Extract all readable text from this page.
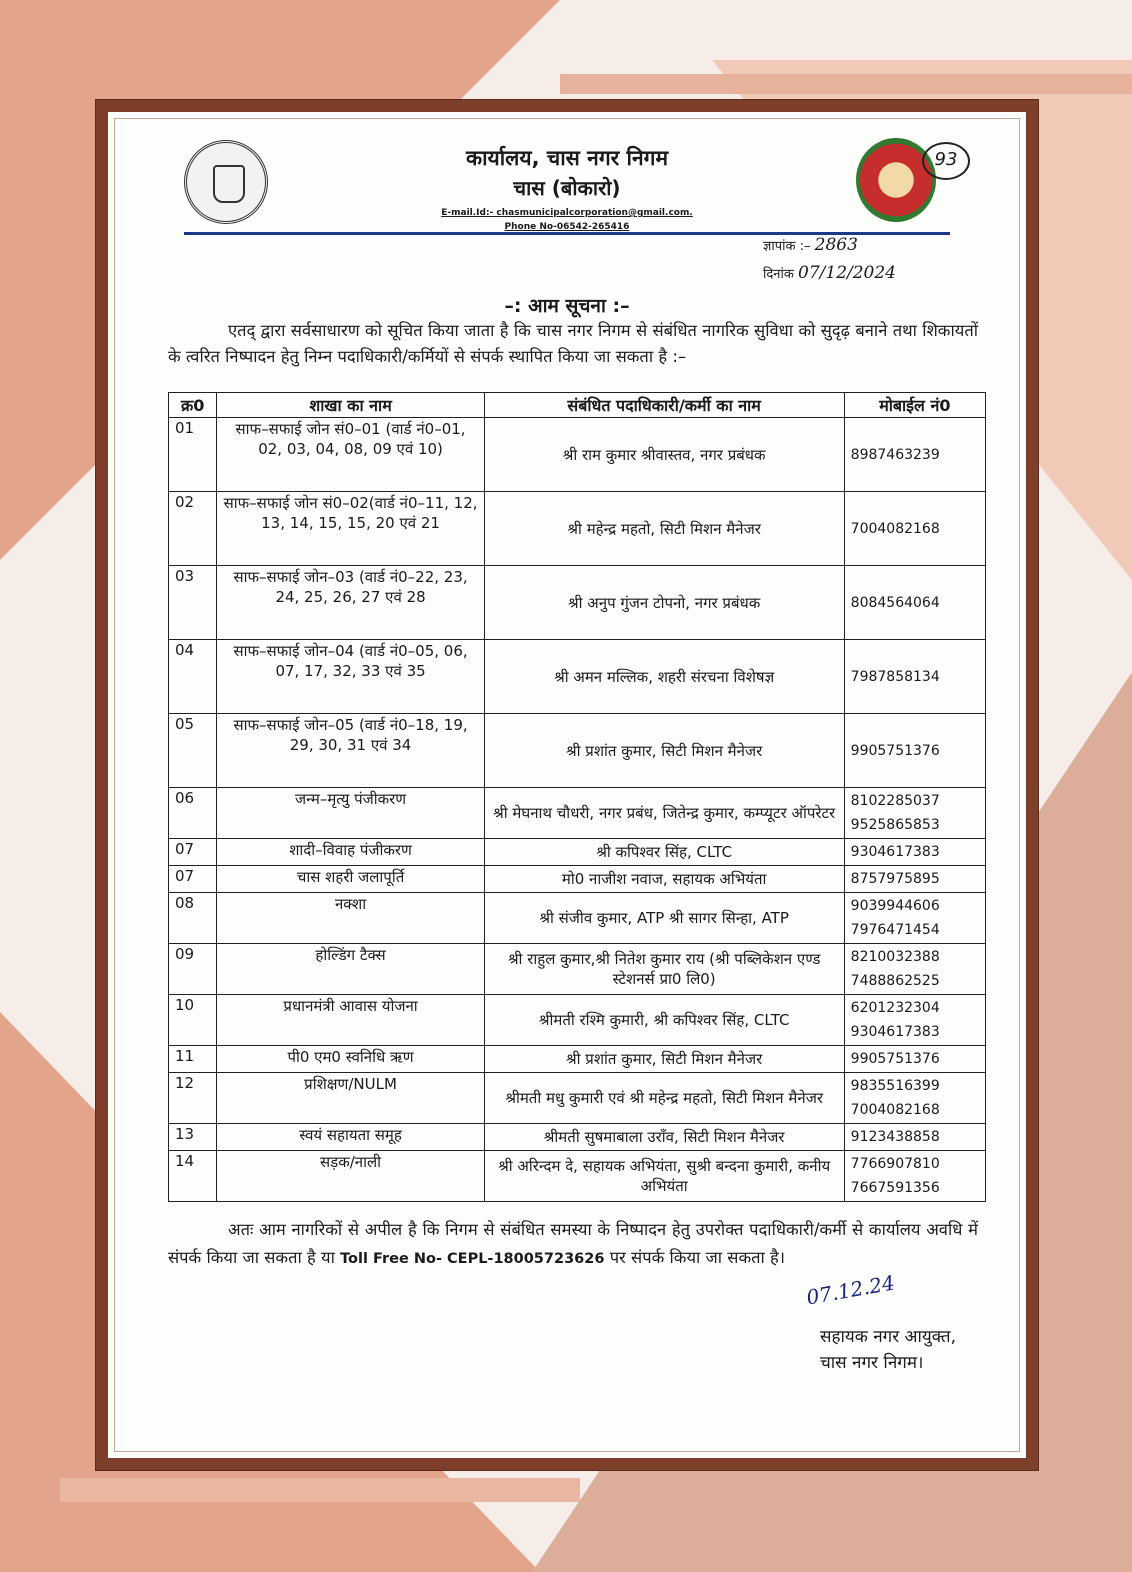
कार्यालय, चास नगर निगम
चास (बोकारो)
E-mail.Id:- chasmunicipalcorporation@gmail.com.
Phone No-06542-265416
93
ज्ञापांक :– 2863
दिनांक 07/12/2024
–: आम सूचना :–
एतद् द्वारा सर्वसाधारण को सूचित किया जाता है कि चास नगर निगम से संबंधित नागरिक सुविधा को सुदृढ़ बनाने तथा शिकायतों के त्वरित निष्पादन हेतु निम्न पदाधिकारी/कर्मियों से संपर्क स्थापित किया जा सकता है :–
क्र0	शाखा का नाम	संबंधित पदाधिकारी/कर्मी का नाम	मोबाईल नं0
01	साफ–सफाई जोन सं0–01 (वार्ड नं0–01, 02, 03, 04, 08, 09 एवं 10)	श्री राम कुमार श्रीवास्तव, नगर प्रबंधक	8987463239

02	साफ–सफाई जोन सं0–02(वार्ड नं0–11, 12, 13, 14, 15, 15, 20 एवं 21	श्री महेन्द्र महतो, सिटी मिशन मैनेजर	7004082168

03	साफ–सफाई जोन–03 (वार्ड नं0–22, 23, 24, 25, 26, 27 एवं 28	श्री अनुप गुंजन टोपनो, नगर प्रबंधक	8084564064

04	साफ–सफाई जोन–04 (वार्ड नं0–05, 06, 07, 17, 32, 33 एवं 35	श्री अमन मल्लिक, शहरी संरचना विशेषज्ञ	7987858134

05	साफ–सफाई जोन–05 (वार्ड नं0–18, 19, 29, 30, 31 एवं 34	श्री प्रशांत कुमार, सिटी मिशन मैनेजर	9905751376

06	जन्म–मृत्यु पंजीकरण	श्री मेघनाथ चौधरी, नगर प्रबंध, जितेन्द्र कुमार, कम्प्यूटर ऑपरेटर	8102285037
9525865853

07	शादी–विवाह पंजीकरण	श्री कपिश्वर सिंह, CLTC	9304617383

07	चास शहरी जलापूर्ति	मो0 नाजीश नवाज, सहायक अभियंता	8757975895

08	नक्शा	श्री संजीव कुमार, ATP श्री सागर सिन्हा, ATP	9039944606
7976471454

09	होल्डिंग टैक्स	श्री राहुल कुमार,श्री नितेश कुमार राय (श्री पब्लिकेशन एण्ड स्टेशनर्स प्रा0 लि0)	8210032388
7488862525

10	प्रधानमंत्री आवास योजना	श्रीमती रश्मि कुमारी, श्री कपिश्वर सिंह, CLTC	6201232304
9304617383

11	पी0 एम0 स्वनिधि ऋण	श्री प्रशांत कुमार, सिटी मिशन मैनेजर	9905751376

12	प्रशिक्षण/NULM	श्रीमती मधु कुमारी एवं श्री महेन्द्र महतो, सिटी मिशन मैनेजर	9835516399
7004082168

13	स्वयं सहायता समूह	श्रीमती सुषमाबाला उराँव, सिटी मिशन मैनेजर	9123438858

14	सड़क/नाली	श्री अरिन्दम दे, सहायक अभियंता, सुश्री बन्दना कुमारी, कनीय अभियंता	7766907810
7667591356
अतः आम नागरिकों से अपील है कि निगम से संबंधित समस्या के निष्पादन हेतु उपरोक्त पदाधिकारी/कर्मी से कार्यालय अवधि में संपर्क किया जा सकता है या Toll Free No- CEPL-18005723626 पर संपर्क किया जा सकता है।
07.12.24
सहायक नगर आयुक्त,
चास नगर निगम।
